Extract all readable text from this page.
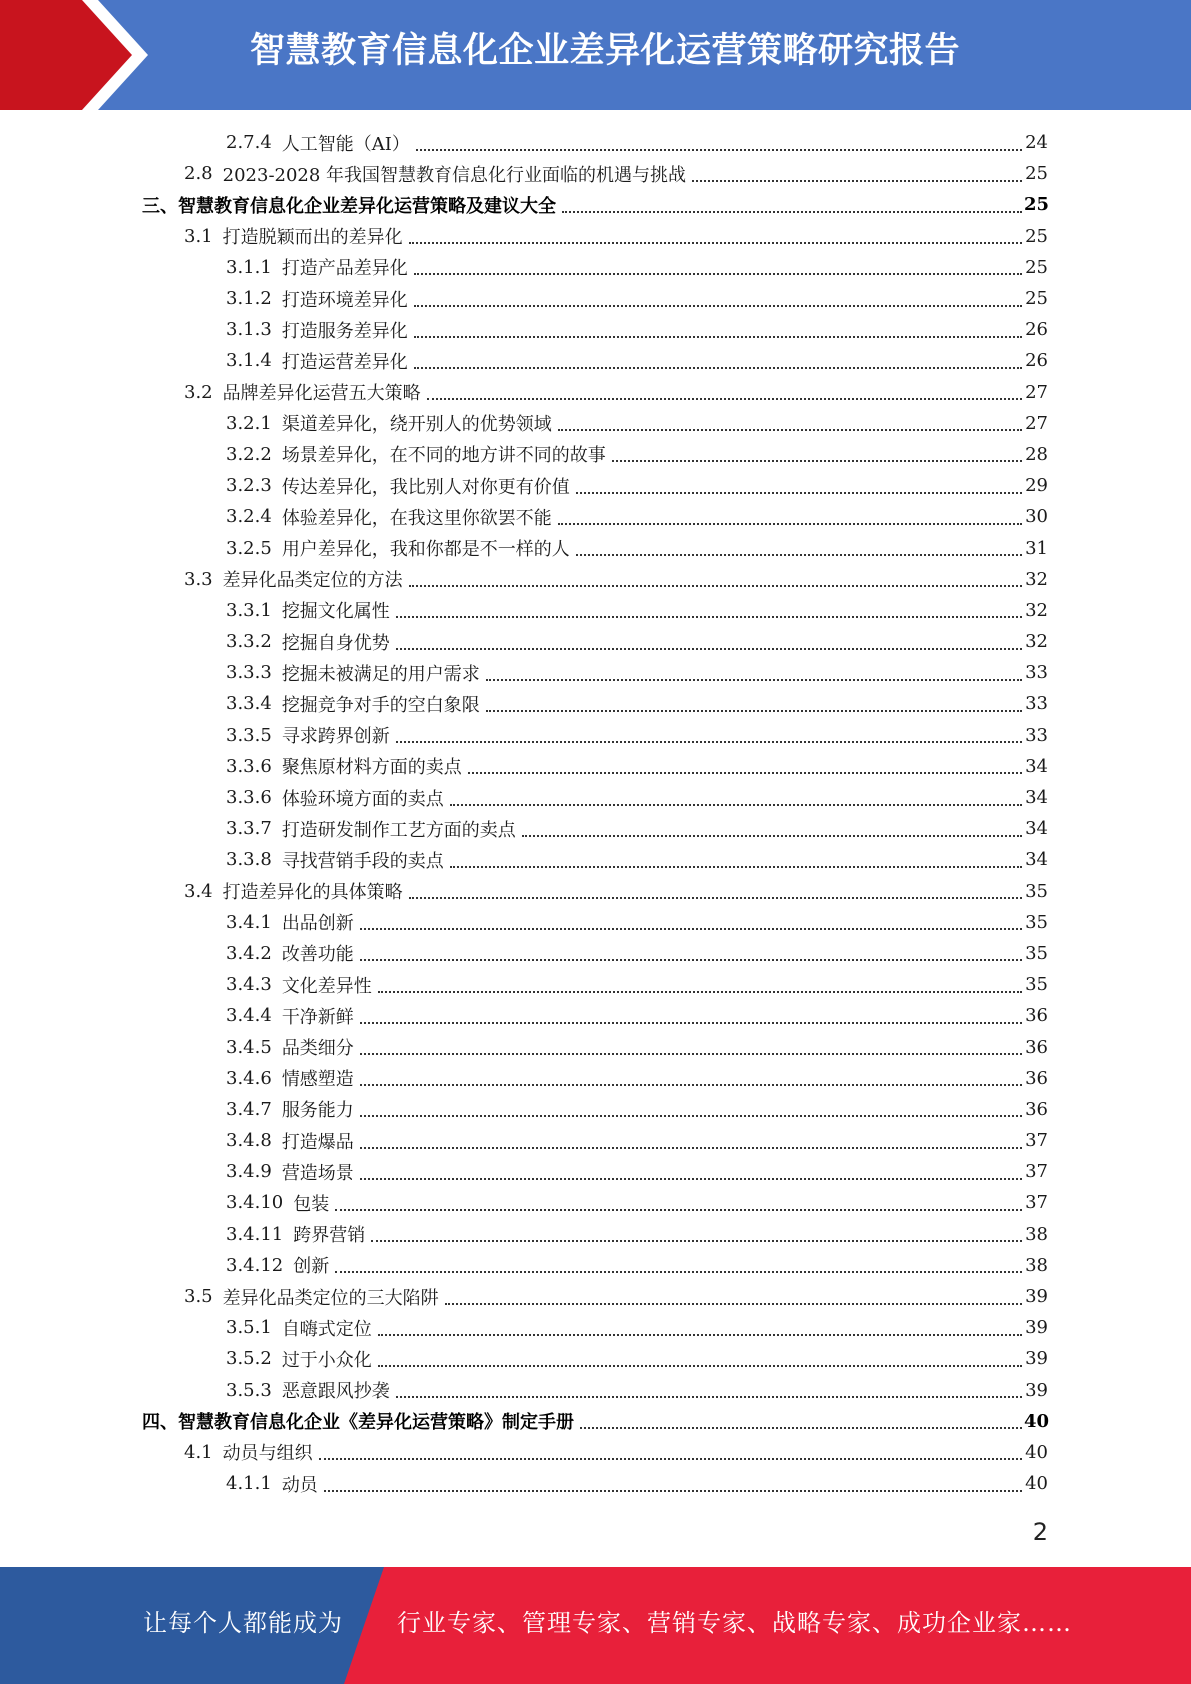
智慧教育信息化企业差异化运营策略研究报告
2.7.4 人工智能（AI）	24
2.8 2023-2028 年我国智慧教育信息化行业面临的机遇与挑战	25
三、 智慧教育信息化企业差异化运营策略及建议大全	25
3.1 打造脱颖而出的差异化	25
3.1.1 打造产品差异化	25
3.1.2 打造环境差异化	25
3.1.3 打造服务差异化	26
3.1.4 打造运营差异化	26
3.2 品牌差异化运营五大策略	27
3.2.1 渠道差异化，绕开别人的优势领域	27
3.2.2 场景差异化，在不同的地方讲不同的故事	28
3.2.3 传达差异化，我比别人对你更有价值	29
3.2.4 体验差异化，在我这里你欲罢不能	30
3.2.5 用户差异化，我和你都是不一样的人	31
3.3 差异化品类定位的方法	32
3.3.1 挖掘文化属性	32
3.3.2 挖掘自身优势	32
3.3.3 挖掘未被满足的用户需求	33
3.3.4 挖掘竞争对手的空白象限	33
3.3.5 寻求跨界创新	33
3.3.6 聚焦原材料方面的卖点	34
3.3.6 体验环境方面的卖点	34
3.3.7 打造研发制作工艺方面的卖点	34
3.3.8 寻找营销手段的卖点	34
3.4 打造差异化的具体策略	35
3.4.1 出品创新	35
3.4.2 改善功能	35
3.4.3 文化差异性	35
3.4.4 干净新鲜	36
3.4.5 品类细分	36
3.4.6 情感塑造	36
3.4.7 服务能力	36
3.4.8 打造爆品	37
3.4.9 营造场景	37
3.4.10 包装	37
3.4.11 跨界营销	38
3.4.12 创新	38
3.5 差异化品类定位的三大陷阱	39
3.5.1 自嗨式定位	39
3.5.2 过于小众化	39
3.5.3 恶意跟风抄袭	39
四、 智慧教育信息化企业《差异化运营策略》制定手册	40
4.1 动员与组织	40
4.1.1 动员	40
2
让每个人都能成为 行业专家、管理专家、营销专家、战略专家、成功企业家……
